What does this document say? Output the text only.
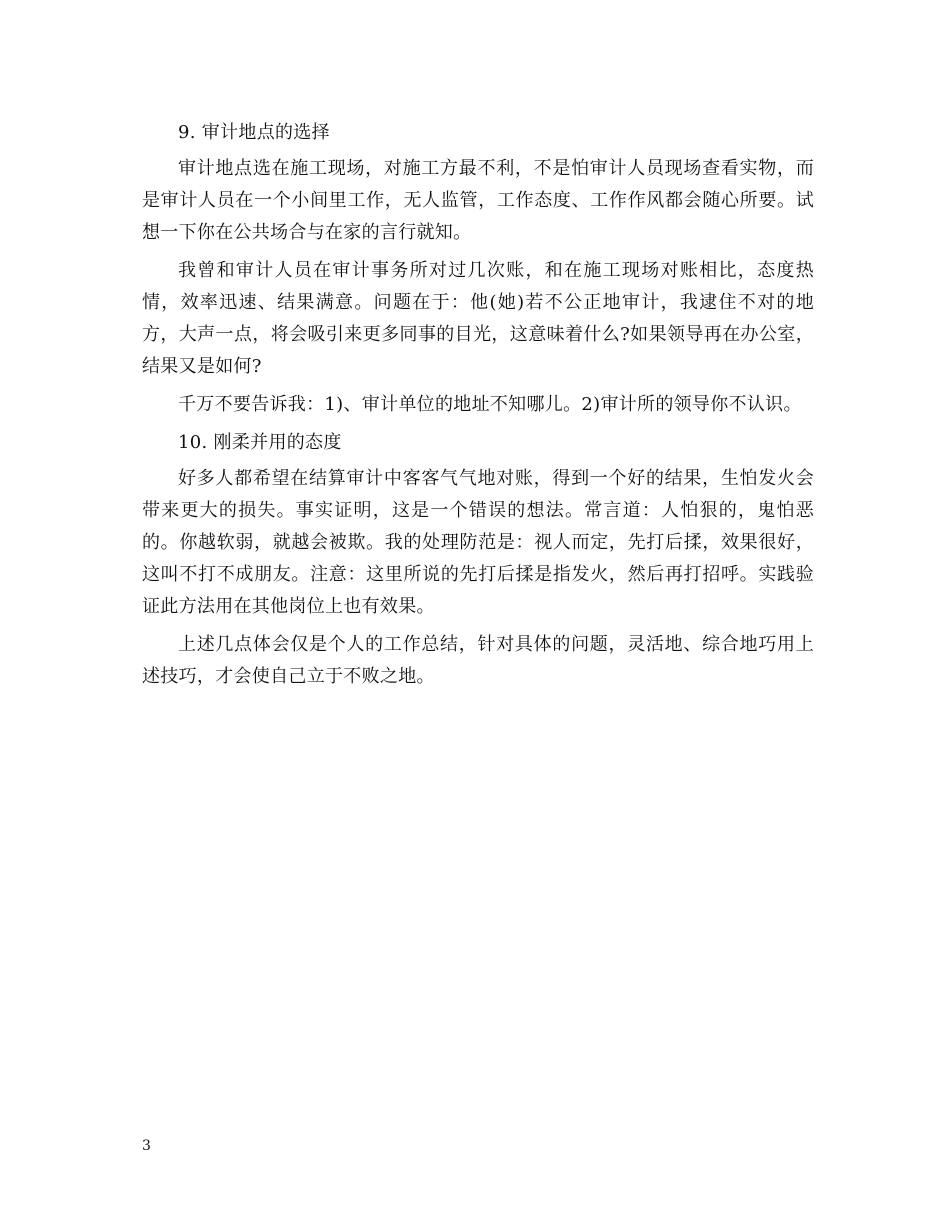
9. 审计地点的选择

审计地点选在施工现场，对施工方最不利，不是怕审计人员现场查看实物，而是审计人员在一个小间里工作，无人监管，工作态度、工作作风都会随心所要。试想一下你在公共场合与在家的言行就知。

我曾和审计人员在审计事务所对过几次账，和在施工现场对账相比，态度热情，效率迅速、结果满意。问题在于：他(她)若不公正地审计，我逮住不对的地方，大声一点，将会吸引来更多同事的目光，这意味着什么?如果领导再在办公室，结果又是如何?

千万不要告诉我：1)、审计单位的地址不知哪儿。2)审计所的领导你不认识。

10. 刚柔并用的态度

好多人都希望在结算审计中客客气气地对账，得到一个好的结果，生怕发火会带来更大的损失。事实证明，这是一个错误的想法。常言道：人怕狠的，鬼怕恶的。你越软弱，就越会被欺。我的处理防范是：视人而定，先打后揉，效果很好，这叫不打不成朋友。注意：这里所说的先打后揉是指发火，然后再打招呼。实践验证此方法用在其他岗位上也有效果。

上述几点体会仅是个人的工作总结，针对具体的问题，灵活地、综合地巧用上述技巧，才会使自己立于不败之地。

3
